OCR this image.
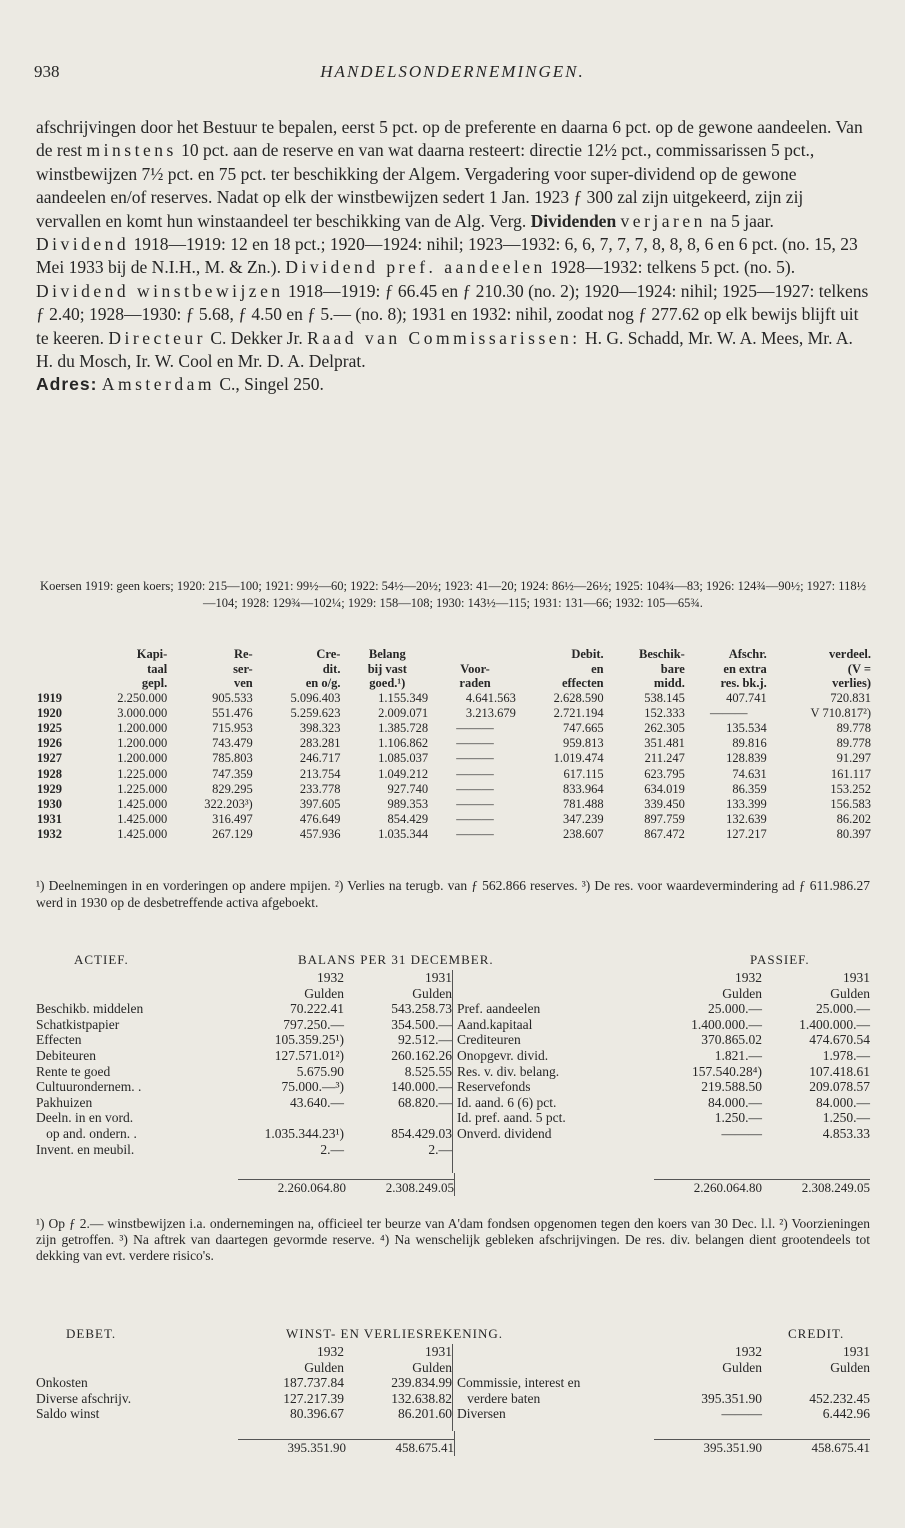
938	HANDELSONDERNEMINGEN.

afschrijvingen door het Bestuur te bepalen, eerst 5 pct. op de preferente en daarna 6 pct. op de gewone aandeelen. Van de rest minstens 10 pct. aan de reserve en van wat daarna resteert: directie 12½ pct., commissarissen 5 pct., winstbewijzen 7½ pct. en 75 pct. ter beschikking der Algem. Vergadering voor super-dividend op de gewone aandeelen en/of reserves. Nadat op elk der winstbewijzen sedert 1 Jan. 1923 ƒ 300 zal zijn uitgekeerd, zijn zij vervallen en komt hun winstaandeel ter beschikking van de Alg. Verg. Dividenden verjaren na 5 jaar. Dividend 1918—1919: 12 en 18 pct.; 1920—1924: nihil; 1923—1932: 6, 6, 7, 7, 7, 8, 8, 8, 6 en 6 pct. (no. 15, 23 Mei 1933 bij de N.I.H., M. & Zn.). Dividend pref. aandeelen 1928—1932: telkens 5 pct. (no. 5). Dividend winstbewijzen 1918—1919: ƒ 66.45 en ƒ 210.30 (no. 2); 1920—1924: nihil; 1925—1927: telkens ƒ 2.40; 1928—1930: ƒ 5.68, ƒ 4.50 en ƒ 5.— (no. 8); 1931 en 1932: nihil, zoodat nog ƒ 277.62 op elk bewijs blijft uit te keeren. Directeur C. Dekker Jr. Raad van Commissarissen: H. G. Schadd, Mr. W. A. Mees, Mr. A. H. du Mosch, Ir. W. Cool en Mr. D. A. Delprat.

Adres: Amsterdam C., Singel 250.

Koersen 1919: geen koers; 1920: 215—100; 1921: 99½—60; 1922: 54½—20½; 1923: 41—20; 1924: 86½—26½; 1925: 104¾—83; 1926: 124¾—90½; 1927: 118½—104; 1928: 129¾—102¼; 1929: 158—108; 1930: 143½—115; 1931: 131—66; 1932: 105—65¾.
	Kapi-	Re-	Cre-	Belang		Debit.	Beschik-	Afschr.	verdeel.
	taal	ser-	dit.	bij vast	Voor-	en	bare	en extra	(V =
	gepl.	ven	en o/g.	goed.¹)	raden	effecten	midd.	res. bk.j.	verlies)
1919	2.250.000	905.533	5.096.403	1.155.349	4.641.563	2.628.590	538.145	407.741	720.831
1920	3.000.000	551.476	5.259.623	2.009.071	3.213.679	2.721.194	152.333	———	V 710.817²)
1925	1.200.000	715.953	398.323	1.385.728	———	747.665	262.305	135.534	89.778
1926	1.200.000	743.479	283.281	1.106.862	———	959.813	351.481	89.816	89.778
1927	1.200.000	785.803	246.717	1.085.037	———	1.019.474	211.247	128.839	91.297
1928	1.225.000	747.359	213.754	1.049.212	———	617.115	623.795	74.631	161.117
1929	1.225.000	829.295	233.778	927.740	———	833.964	634.019	86.359	153.252
1930	1.425.000	322.203³)	397.605	989.353	———	781.488	339.450	133.399	156.583
1931	1.425.000	316.497	476.649	854.429	———	347.239	897.759	132.639	86.202
1932	1.425.000	267.129	457.936	1.035.344	———	238.607	867.472	127.217	80.397
¹) Deelnemingen in en vorderingen op andere mpijen. ²) Verlies na terugb. van ƒ 562.866 reserves. ³) De res. voor waardevermindering ad ƒ 611.986.27 werd in 1930 op de desbetreffende activa afgeboekt.
ACTIEF.	BALANS PER 31 DECEMBER.	PASSIEF.
1932	1931
Gulden	Gulden
1932	1931
Gulden	Gulden
Beschikb. middelen	70.222.41	543.258.73
Schatkistpapier	797.250.—	354.500.—
Effecten	105.359.25¹)	92.512.—
Debiteuren	127.571.01²)	260.162.26
Rente te goed	5.675.90	8.525.55
Cultuurondernem. .	75.000.—³)	140.000.—
Pakhuizen	43.640.—	68.820.—
Deeln. in en vord.
op and. ondern. .	1.035.344.23¹)	854.429.03
Invent. en meubil.	2.—	2.—
Pref. aandeelen	25.000.—	25.000.—
Aand.kapitaal	1.400.000.—	1.400.000.—
Crediteuren	370.865.02	474.670.54
Onopgevr. divid.	1.821.—	1.978.—
Res. v. div. belang.	157.540.28⁴)	107.418.61
Reservefonds	219.588.50	209.078.57
Id. aand. 6 (6) pct.	84.000.—	84.000.—
Id. pref. aand. 5 pct.	1.250.—	1.250.—
Onverd. dividend	———	4.853.33
2.260.064.80	2.308.249.05	2.260.064.80	2.308.249.05
¹) Op ƒ 2.— winstbewijzen i.a. ondernemingen na, officieel ter beurze van A'dam fondsen opgenomen tegen den koers van 30 Dec. l.l. ²) Voorzieningen zijn getroffen. ³) Na aftrek van daartegen gevormde reserve. ⁴) Na wenschelijk gebleken afschrijvingen. De res. div. belangen dient grootendeels tot dekking van evt. verdere risico's.
DEBET.	WINST- EN VERLIESREKENING.	CREDIT.
1932	1931
Gulden	Gulden
1932	1931
Gulden	Gulden
Onkosten	187.737.84	239.834.99
Diverse afschrijv.	127.217.39	132.638.82
Saldo winst	80.396.67	86.201.60
Commissie, interest en
verdere baten	395.351.90	452.232.45
Diversen	———	6.442.96
395.351.90	458.675.41	395.351.90	458.675.41
